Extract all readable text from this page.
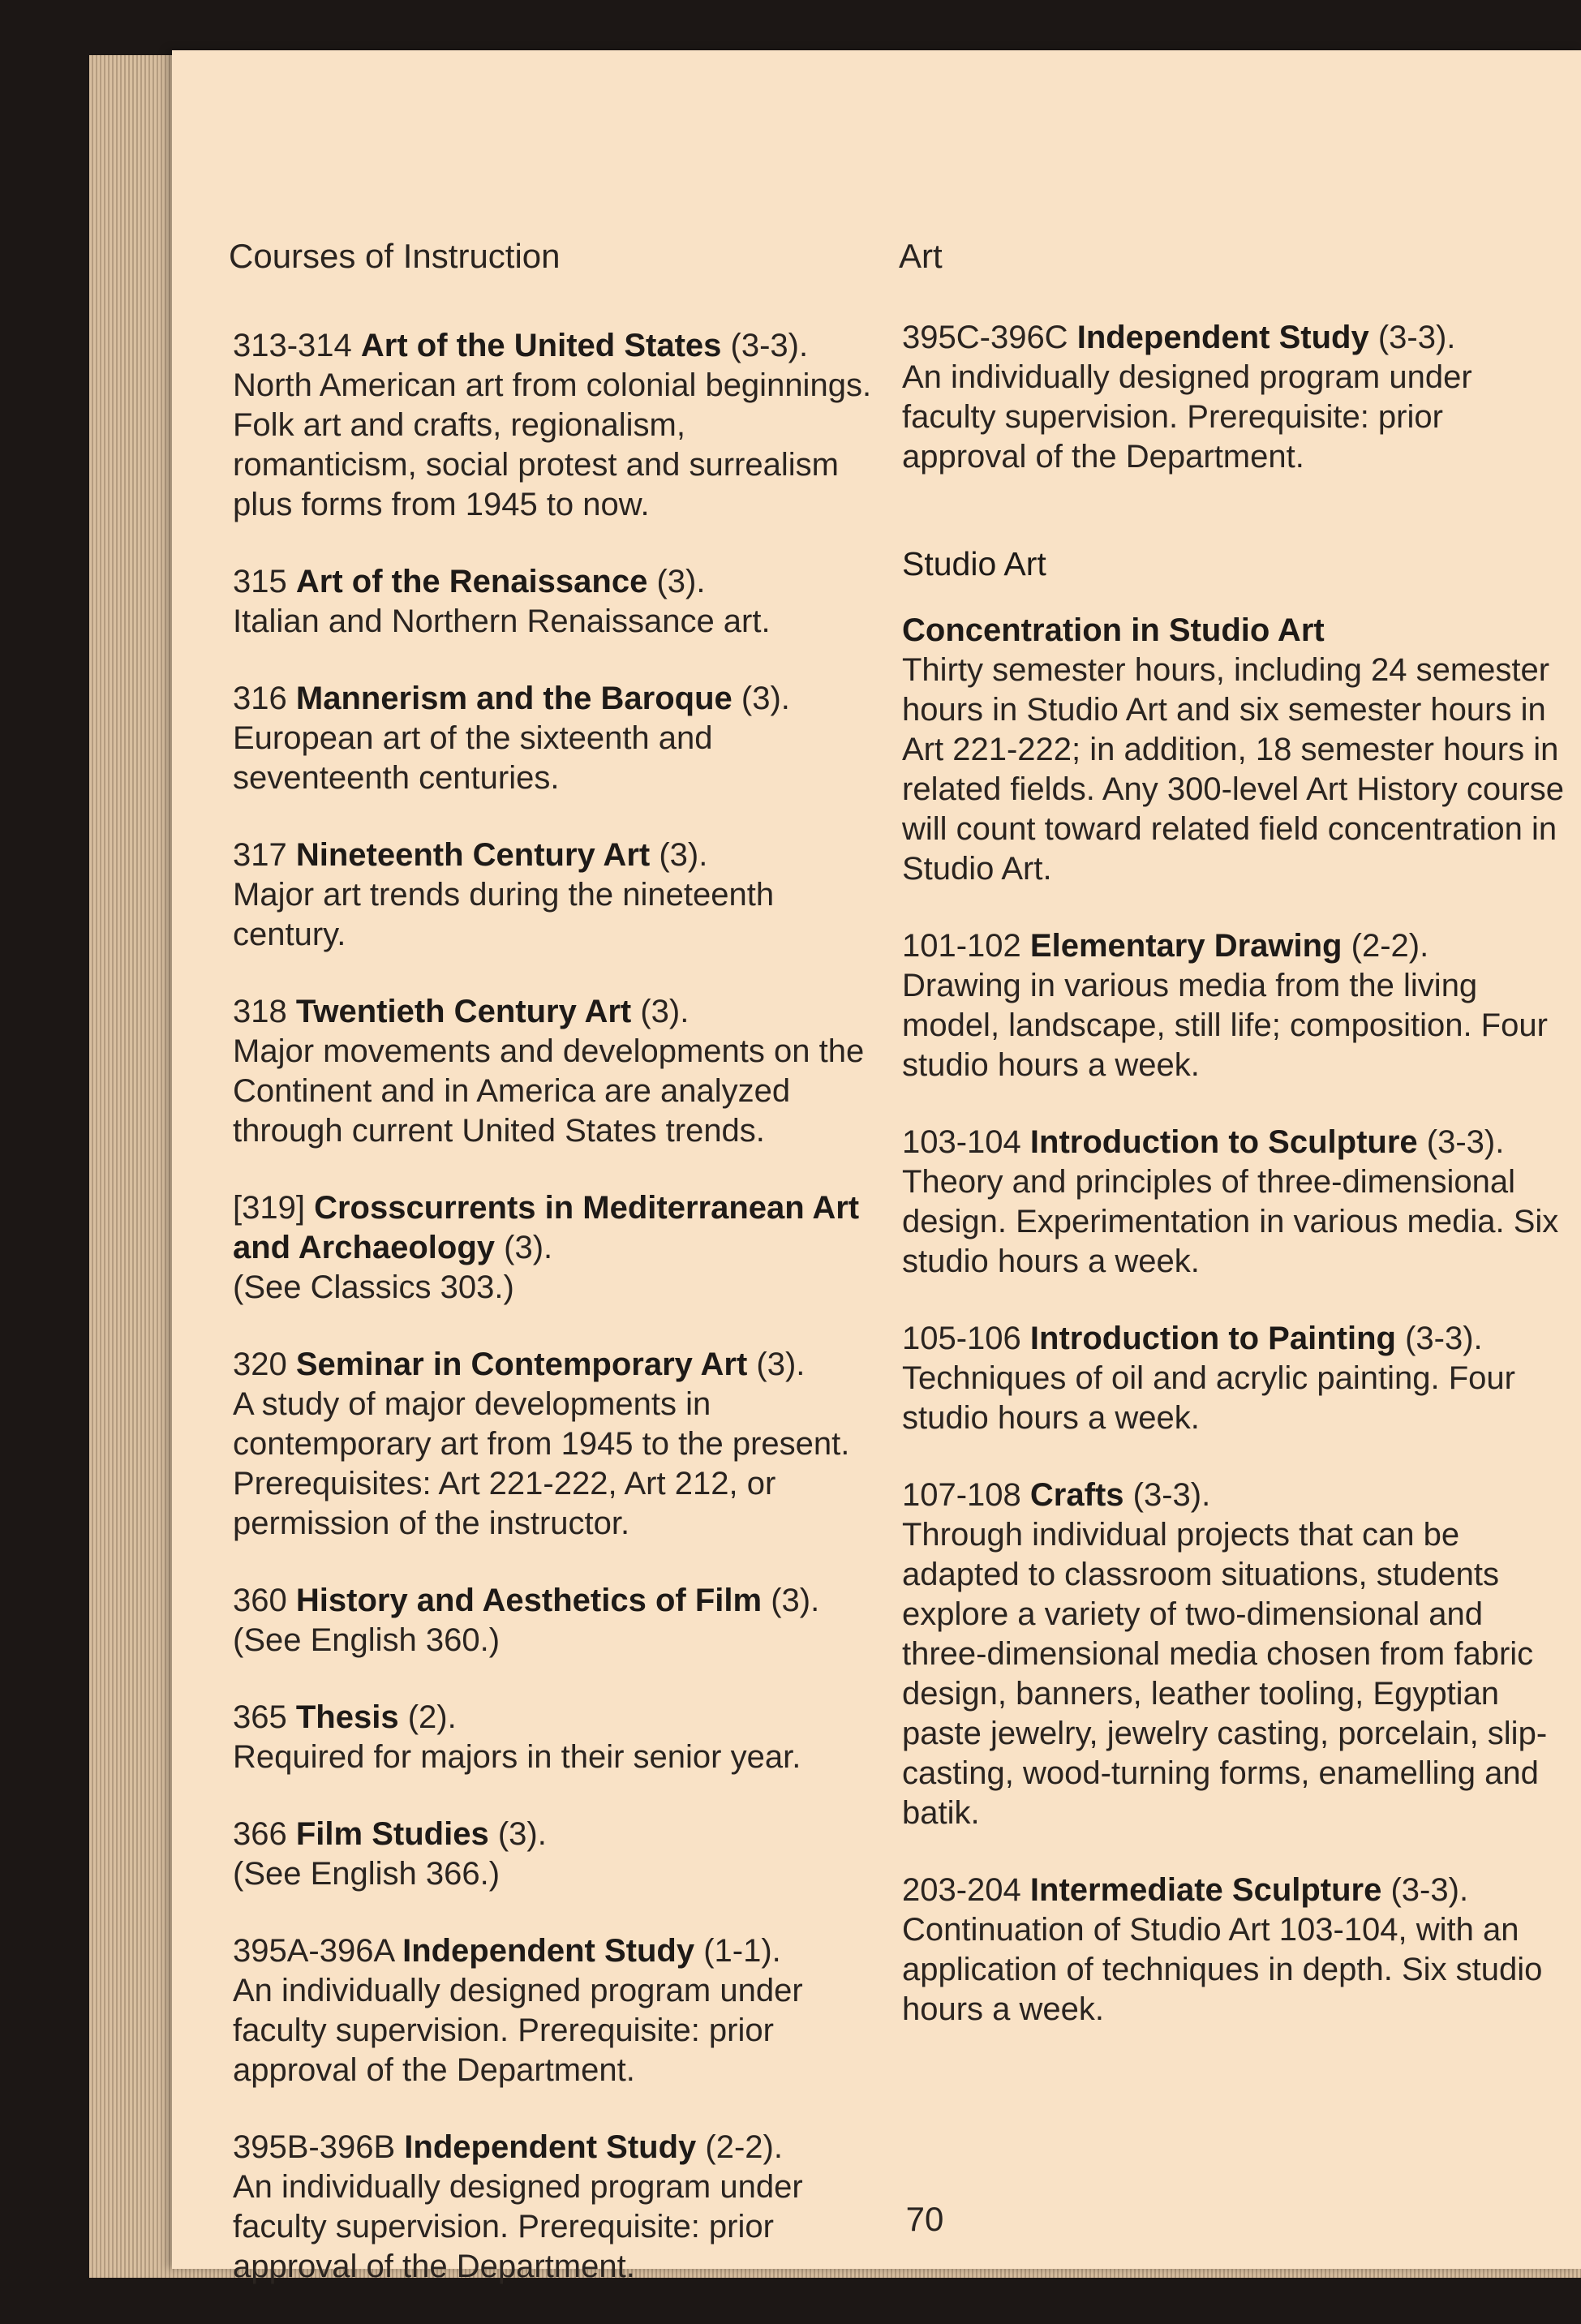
Courses of Instruction	Art

313-314 Art of the United States (3-3).

North American art from colonial beginnings. Folk art and crafts, regionalism, romanticism, social protest and surrealism plus forms from 1945 to now.

315 Art of the Renaissance (3).

Italian and Northern Renaissance art.

316 Mannerism and the Baroque (3).

European art of the sixteenth and seventeenth centuries.

317 Nineteenth Century Art (3).

Major art trends during the nineteenth century.

318 Twentieth Century Art (3).

Major movements and developments on the Continent and in America are analyzed through current United States trends.

[319] Crosscurrents in Mediterranean Art and Archaeology (3).

(See Classics 303.)

320 Seminar in Contemporary Art (3).

A study of major developments in contemporary art from 1945 to the present. Prerequisites: Art 221-222, Art 212, or permission of the instructor.

360 History and Aesthetics of Film (3).

(See English 360.)

365 Thesis (2).

Required for majors in their senior year.

366 Film Studies (3).

(See English 366.)

395A-396A Independent Study (1-1).

An individually designed program under faculty supervision. Prerequisite: prior approval of the Department.

395B-396B Independent Study (2-2).

An individually designed program under faculty supervision. Prerequisite: prior approval of the Department.

395C-396C Independent Study (3-3).

An individually designed program under faculty supervision. Prerequisite: prior approval of the Department.

Studio Art
Concentration in Studio Art

Thirty semester hours, including 24 semester hours in Studio Art and six semester hours in Art 221-222; in addition, 18 semester hours in related fields. Any 300-level Art History course will count toward related field concentration in Studio Art.

101-102 Elementary Drawing (2-2).

Drawing in various media from the living model, landscape, still life; composition. Four studio hours a week.

103-104 Introduction to Sculpture (3-3).

Theory and principles of three-dimensional design. Experimentation in various media. Six studio hours a week.

105-106 Introduction to Painting (3-3).

Techniques of oil and acrylic painting. Four studio hours a week.

107-108 Crafts (3-3).

Through individual projects that can be adapted to classroom situations, students explore a variety of two-dimensional and three-dimensional media chosen from fabric design, banners, leather tooling, Egyptian paste jewelry, jewelry casting, porcelain, slip-casting, wood-turning forms, enamelling and batik.

203-204 Intermediate Sculpture (3-3).

Continuation of Studio Art 103-104, with an application of techniques in depth. Six studio hours a week.

70
